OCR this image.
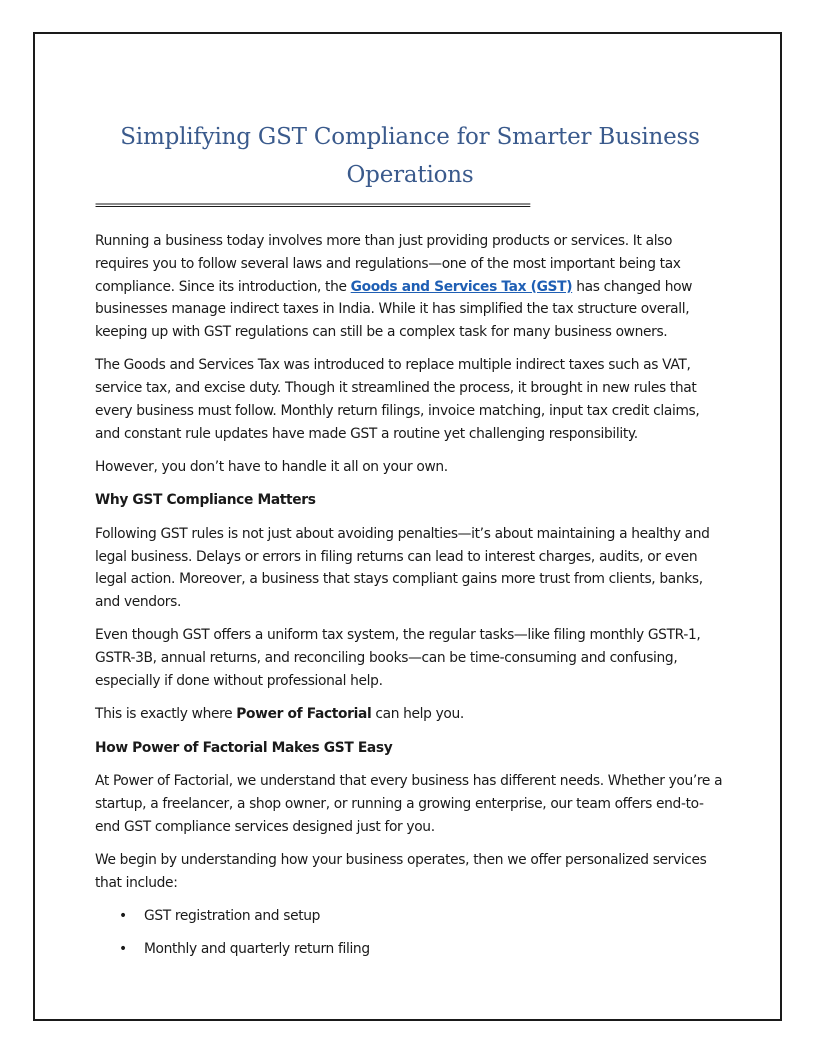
Simplifying GST Compliance for Smarter Business Operations
=============================================================================

Running a business today involves more than just providing products or services. It also requires you to follow several laws and regulations—one of the most important being tax compliance. Since its introduction, the Goods and Services Tax (GST) has changed how businesses manage indirect taxes in India. While it has simplified the tax structure overall, keeping up with GST regulations can still be a complex task for many business owners.

The Goods and Services Tax was introduced to replace multiple indirect taxes such as VAT, service tax, and excise duty. Though it streamlined the process, it brought in new rules that every business must follow. Monthly return filings, invoice matching, input tax credit claims, and constant rule updates have made GST a routine yet challenging responsibility.

However, you don’t have to handle it all on your own.

Why GST Compliance Matters

Following GST rules is not just about avoiding penalties—it’s about maintaining a healthy and legal business. Delays or errors in filing returns can lead to interest charges, audits, or even legal action. Moreover, a business that stays compliant gains more trust from clients, banks, and vendors.

Even though GST offers a uniform tax system, the regular tasks—like filing monthly GSTR-1, GSTR-3B, annual returns, and reconciling books—can be time-consuming and confusing, especially if done without professional help.

This is exactly where Power of Factorial can help you.

How Power of Factorial Makes GST Easy

At Power of Factorial, we understand that every business has different needs. Whether you’re a startup, a freelancer, a shop owner, or running a growing enterprise, our team offers end-to-end GST compliance services designed just for you.

We begin by understanding how your business operates, then we offer personalized services that include:

• GST registration and setup
• Monthly and quarterly return filing
